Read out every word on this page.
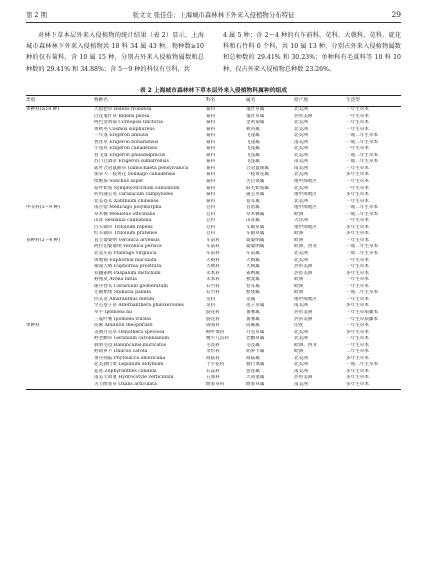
第 2 期	张文文 张佳佳：上海城市森林林下外来入侵植物分布特征	29
对林下草本层外来入侵植物的统计结果（表 2）显示，上海城市森林林下外来入侵植物共 18 科 34 属 43 种。物种数≥10 种的仅有菊科，含 10 属 15 种，分别占外来入侵植物属数和总种数的 29.41% 和 34.88%；含 5～9 种的科仅有豆科，共
4 属 5 种；含 2～4 种的有车前科、苋科、大戟科、苋科、旋花科和石竹科 6 个科，共 10 属 13 种，分别占外来入侵植物属数和总种数的 29.41% 和 30.23%；单种科有毛茛科等 10 科 10 种，仅占外来入侵植物总种数 23.26%。
表 2 上海城市森林林下草本层外来入侵植物科属种的组成
类别	物种名	科名	属名	原产地	生活型
多种科(≥10 种)	大狼把草 Bidens frondosa	菊科	鬼针草属	北美洲	一年生草本
	白花鬼针草 Bidens pilosa	菊科	鬼针草属	热带美洲	一年生草本
	两色金鸡菊 Coreopsis tinctoria	菊科	金鸡菊属	北美洲	一年生草本
	黄秋英 Cosmos sulphureus	菊科	秋英属	北美洲	一年生草本
	一年蓬 Erigeron annuus	菊科	飞蓬属	北美洲	一或二年生草本
	香丝草 Erigeron bonariensis	菊科	飞蓬属	南美洲	一或二年生草本
	小蓬草 Erigeron canadensis	菊科	飞蓬属	北美洲	一年生草本
	春飞蓬 Erigeron philadelphicus	菊科	飞蓬属	北美洲	一或二年生草本
	苏门白酒草 Erigeron sumatrensis	菊科	飞蓬属	南美洲	一或二年生草本
	匙叶合冠鼠曲草 Gamochaeta pensylvanica	菊科	合冠鼠曲属	南美洲	一年生草本
	加拿大一枝黄花 Solidago canadensis	菊科	一枝黄花属	北美洲	多年生草本
	续断菊 Sonchus asper	菊科	苦苣菜属	地中海地区	一年生草本
	钻叶紫菀 Symphyotrichum subulatum	菊科	联毛紫菀属	北美洲	一年生草本
	药用蒲公英 Taraxacum campylodes	菊科	蒲公英属	地中海地区	多年生草本
	北美苍耳 Xanthium chinense	菊科	苍耳属	北美洲	一年生草本
中等科(5～9 种)	南苜蓿 Medicago polymorpha	豆科	苜蓿属	地中海地区	一或二年生草本
	草木樨 Melilotus officinalis	豆科	草木樨属	欧洲	一或二年生草本
	田菁 Sesbania cannabina	豆科	田菁属	大洋洲	一年生草本
	白车轴草 Trifolium repens	豆科	车轴草属	地中海地区	多年生草本
	红车轴草 Trifolium pratense	豆科	车轴草属	欧洲	多年生草本
寡种科(2～4 种)	直立婆婆纳 Veronica arvensis	车前科	婆婆纳属	欧洲	一年生草本
	阿拉伯婆婆纳 Veronica persica	车前科	婆婆纳属	欧洲、西亚	一或二年生草本
	北美车前 Plantago virginica	车前科	车前属	北美洲	一或二年生草本
	斑地锦 Euphorbia maculata	大戟科	大戟属	北美洲	一年生草本
	匍匐大戟 Euphorbia prostrata	大戟科	大戟属	热带美洲	一年生草本
	双穗雀稗 Paspalum distichum	禾本科	雀稗属	热带美洲	多年生草本
	野燕麦 Avena fatua	禾本科	燕麦属	欧洲	一年生草本
	球序卷耳 Cerastium glomeratum	石竹科	卷耳属	欧洲	一年生草本
	无瓣繁缕 Stellaria pallida	石竹科	繁缕属	欧洲	一或二年生草本
	凹头苋 Amaranthus blitum	苋科	苋属	地中海地区	一年生草本
	空心莲子草 Alternanthera philoxeroides	苋科	莲子草属	南美洲	多年生草本
	牵牛 Ipomoea nil	旋花科	番薯属	热带美洲	一年生草质藤本
	三裂叶薯 Ipomoea triloba	旋花科	番薯属	热带美洲	一年生草质藤本
单种科	苘麻 Abutilon theophrasti	锦葵科	苘麻属	印度	一年生草本
	美丽月见草 Oenothera speciosa	柳叶菜科	月见草属	北美洲	多年生草本
	野老鹳草 Geranium carolinianum	牻牛儿苗科	老鹳草属	北美洲	一年生草本
	刺果毛茛 Ranunculus muricatus	毛茛科	毛茛属	欧洲、西亚	一年生草本
	野胡萝卜 Daucus carota	伞形科	胡萝卜属	欧洲	二年生草本
	垂序商陆 Phytolacca americana	商陆科	商陆属	北美洲	多年生草本
	北美独行菜 Lepidium didymum	十字花科	独行菜属	北美洲	一或二年生草本
	韭莲 Zephyranthes candida	石蒜科	葱莲属	南美洲	多年生草本
	南美天胡荽 Hydrocotyle verticillata	五加科	天胡荽属	热带美洲	多年生草本
	关节酢浆草 Oxalis articulata	酢浆草科	酢浆草属	南美洲	多年生草本
